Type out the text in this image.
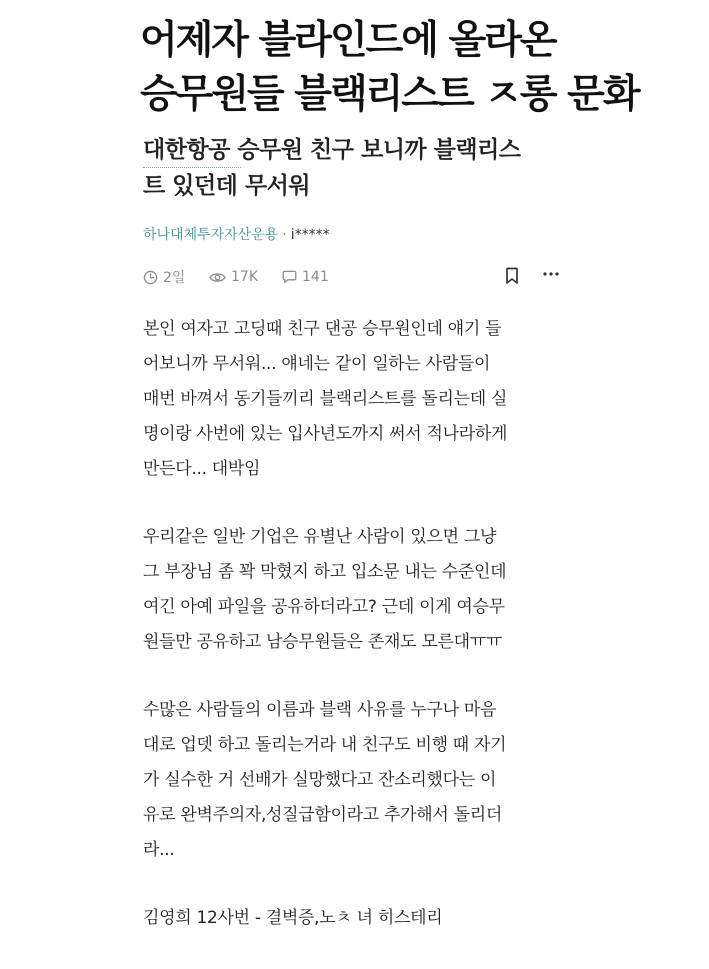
어제자 블라인드에 올라온
승무원들 블랙리스트 ㅈ롱 문화
대한항공 승무원 친구 보니까 블랙리스
트 있던데 무서워
하나대체투자자산운용 · i*****
2일	17K	141

본인 여자고 고딩때 친구 댄공 승무원인데 얘기 들
어보니까 무서워... 얘네는 같이 일하는 사람들이
매번 바껴서 동기들끼리 블랙리스트를 돌리는데 실
명이랑 사번에 있는 입사년도까지 써서 적나라하게
만든다... 대박임

우리같은 일반 기업은 유별난 사람이 있으면 그냥
그 부장님 좀 꽉 막혔지 하고 입소문 내는 수준인데
여긴 아예 파일을 공유하더라고? 근데 이게 여승무
원들만 공유하고 남승무원들은 존재도 모른대ㅠㅠ

수많은 사람들의 이름과 블랙 사유를 누구나 마음
대로 업뎃 하고 돌리는거라 내 친구도 비행 때 자기
가 실수한 거 선배가 실망했다고 잔소리했다는 이
유로 완벽주의자,성질급함이라고 추가해서 돌리더
라...

김영희 12사번 - 결벽증,노ㅊ 녀 히스테리
